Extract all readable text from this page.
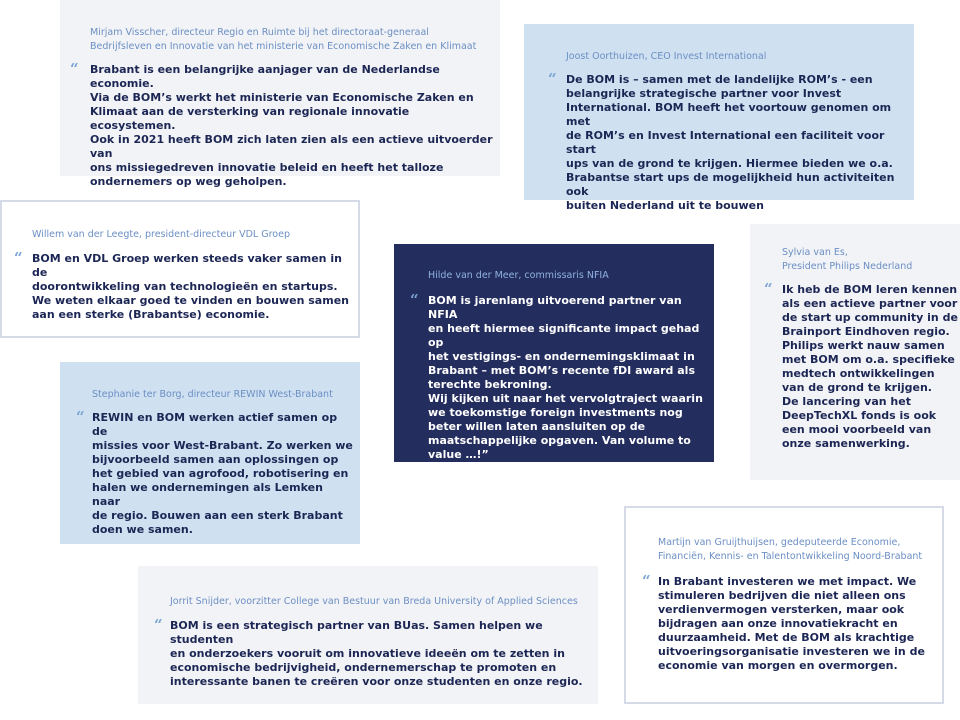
Mirjam Visscher, directeur Regio en Ruimte bij het directoraat-generaal
Bedrijfsleven en Innovatie van het ministerie van Economische Zaken en Klimaat
“ Brabant is een belangrijke aanjager van de Nederlandse economie.
Via de BOM’s werkt het ministerie van Economische Zaken en
Klimaat aan de versterking van regionale innovatie ecosystemen.
Ook in 2021 heeft BOM zich laten zien als een actieve uitvoerder van
ons missiegedreven innovatie beleid en heeft het talloze
ondernemers op weg geholpen.
Joost Oorthuizen, CEO Invest International
“ De BOM is – samen met de landelijke ROM’s - een
belangrijke strategische partner voor Invest
International. BOM heeft het voortouw genomen om met
de ROM’s en Invest International een faciliteit voor start
ups van de grond te krijgen. Hiermee bieden we o.a.
Brabantse start ups de mogelijkheid hun activiteiten ook
buiten Nederland uit te bouwen
Willem van der Leegte, president-directeur VDL Groep
“ BOM en VDL Groep werken steeds vaker samen in de
doorontwikkeling van technologieën en startups.
We weten elkaar goed te vinden en bouwen samen
aan een sterke (Brabantse) economie.
Hilde van der Meer, commissaris NFIA
“ BOM is jarenlang uitvoerend partner van NFIA
en heeft hiermee significante impact gehad op
het vestigings- en ondernemingsklimaat in
Brabant – met BOM’s recente fDI award als
terechte bekroning.
Wij kijken uit naar het vervolgtraject waarin
we toekomstige foreign investments nog
beter willen laten aansluiten op de
maatschappelijke opgaven. Van volume to
value …!”
Sylvia van Es,
President Philips Nederland
“ Ik heb de BOM leren kennen
als een actieve partner voor
de start up community in de
Brainport Eindhoven regio.
Philips werkt nauw samen
met BOM om o.a. specifieke
medtech ontwikkelingen
van de grond te krijgen.
De lancering van het
DeepTechXL fonds is ook
een mooi voorbeeld van
onze samenwerking.
Stephanie ter Borg, directeur REWIN West-Brabant
“ REWIN en BOM werken actief samen op de
missies voor West-Brabant. Zo werken we
bijvoorbeeld samen aan oplossingen op
het gebied van agrofood, robotisering en
halen we ondernemingen als Lemken naar
de regio. Bouwen aan een sterk Brabant
doen we samen.
Martijn van Gruijthuijsen, gedeputeerde Economie,
Financiën, Kennis- en Talentontwikkeling Noord-Brabant
“ In Brabant investeren we met impact. We
stimuleren bedrijven die niet alleen ons
verdienvermogen versterken, maar ook
bijdragen aan onze innovatiekracht en
duurzaamheid. Met de BOM als krachtige
uitvoeringsorganisatie investeren we in de
economie van morgen en overmorgen.
Jorrit Snijder, voorzitter College van Bestuur van Breda University of Applied Sciences
“ BOM is een strategisch partner van BUas. Samen helpen we studenten
en onderzoekers vooruit om innovatieve ideeën om te zetten in
economische bedrijvigheid, ondernemerschap te promoten en
interessante banen te creëren voor onze studenten en onze regio.
